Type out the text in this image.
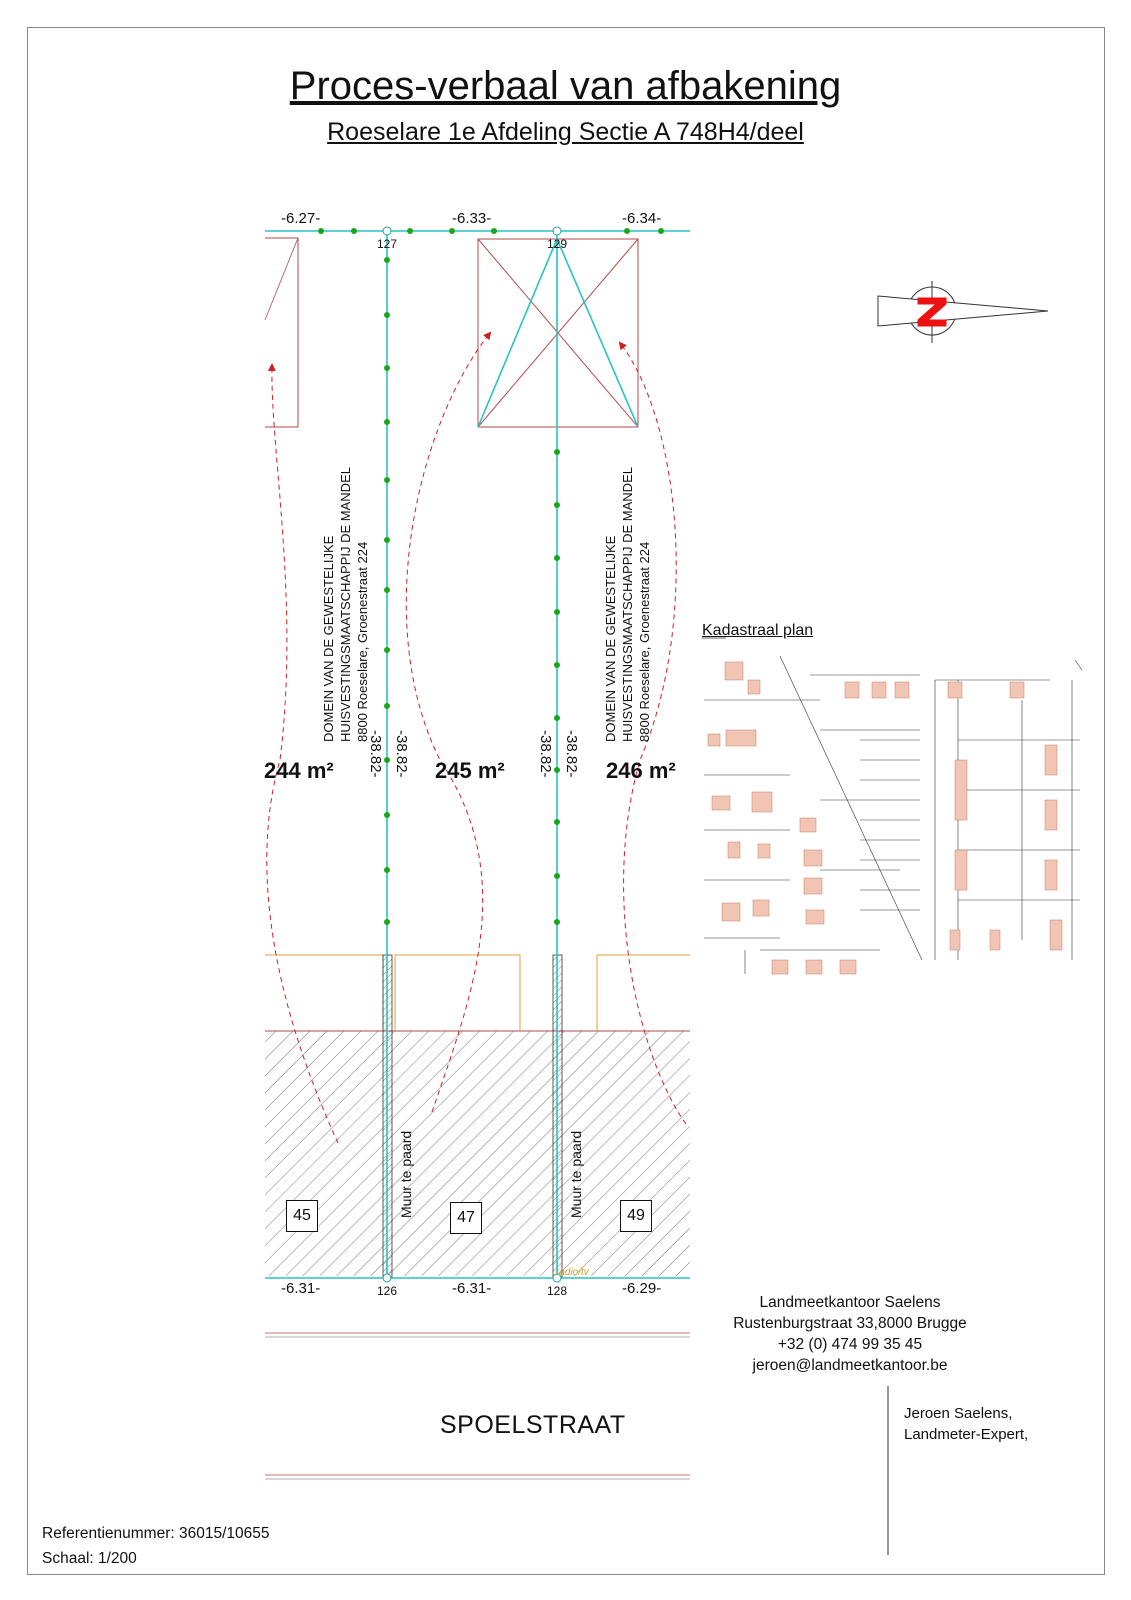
Proces-verbaal van afbakening
Roeselare 1e Afdeling Sectie A 748H4/deel
-6.27-	-6.33-	-6.34-
-6.31-	-6.31-	-6.29-
127	129
126	128
radio/tv
244 m²	245 m²	246 m²
DOMEIN VAN DE GEWESTELIJKE HUISVESTINGSMAATSCHAPPIJ DE MANDEL 8800 Roeselare, Groenestraat 224	DOMEIN VAN DE GEWESTELIJKE HUISVESTINGSMAATSCHAPPIJ DE MANDEL 8800 Roeselare, Groenestraat 224
-38.82- -38.82-	-38.82- -38.82-
Muur te paard	Muur te paard
45	47	49
Kadastraal plan
Landmeetkantoor Saelens
Rustenburgstraat 33,8000 Brugge
+32 (0) 474 99 35 45
jeroen@landmeetkantoor.be
SPOELSTRAAT	Jeroen Saelens,
Landmeter-Expert,
Referentienummer: 36015/10655
Schaal: 1/200
